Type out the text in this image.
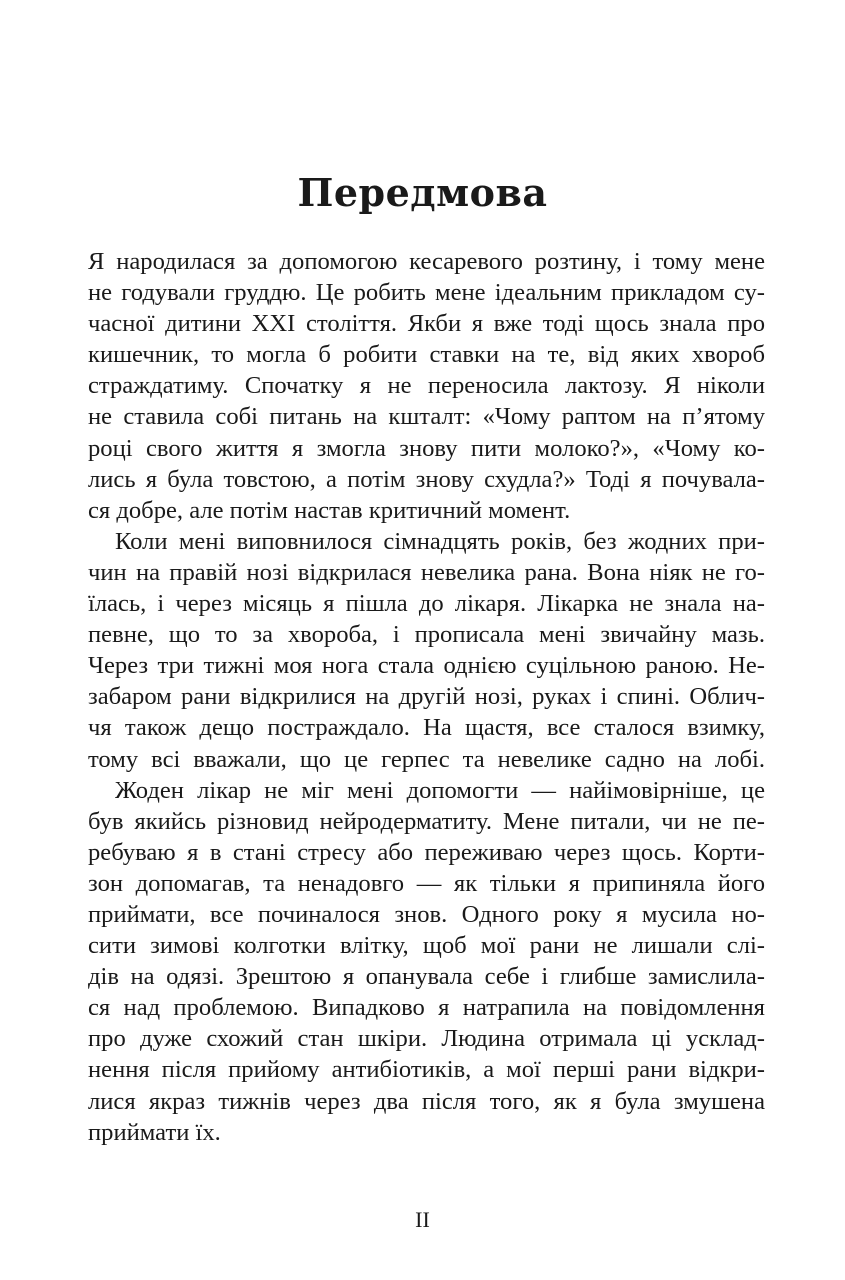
Передмова
Я народилася за допомогою кесаревого розтину, і тому мене
не годували груддю. Це робить мене ідеальним прикладом су-
часної дитини XXI століття. Якби я вже тоді щось знала про
кишечник, то могла б робити ставки на те, від яких хвороб
страждатиму. Спочатку я не переносила лактозу. Я ніколи
не ставила собі питань на кшталт: «Чому раптом на п’ятому
році свого життя я змогла знову пити молоко?», «Чому ко-
лись я була товстою, а потім знову схудла?» Тоді я почувала-
ся добре, але потім настав критичний момент.
Коли мені виповнилося сімнадцять років, без жодних при-
чин на правій нозі відкрилася невелика рана. Вона ніяк не го-
їлась, і через місяць я пішла до лікаря. Лікарка не знала на-
певне, що то за хвороба, і прописала мені звичайну мазь.
Через три тижні моя нога стала однією суцільною раною. Не-
забаром рани відкрилися на другій нозі, руках і спині. Облич-
чя також дещо постраждало. На щастя, все сталося взимку,
тому всі вважали, що це герпес та невелике садно на лобі.
Жоден лікар не міг мені допомогти — найімовірніше, це
був якийсь різновид нейродерматиту. Мене питали, чи не пе-
ребуваю я в стані стресу або переживаю через щось. Корти-
зон допомагав, та ненадовго — як тільки я припиняла його
приймати, все починалося знов. Одного року я мусила но-
сити зимові колготки влітку, щоб мої рани не лишали слі-
дів на одязі. Зрештою я опанувала себе і глибше замислила-
ся над проблемою. Випадково я натрапила на повідомлення
про дуже схожий стан шкіри. Людина отримала ці усклад-
нення після прийому антибіотиків, а мої перші рани відкри-
лися якраз тижнів через два після того, як я була змушена
приймати їх.
II
